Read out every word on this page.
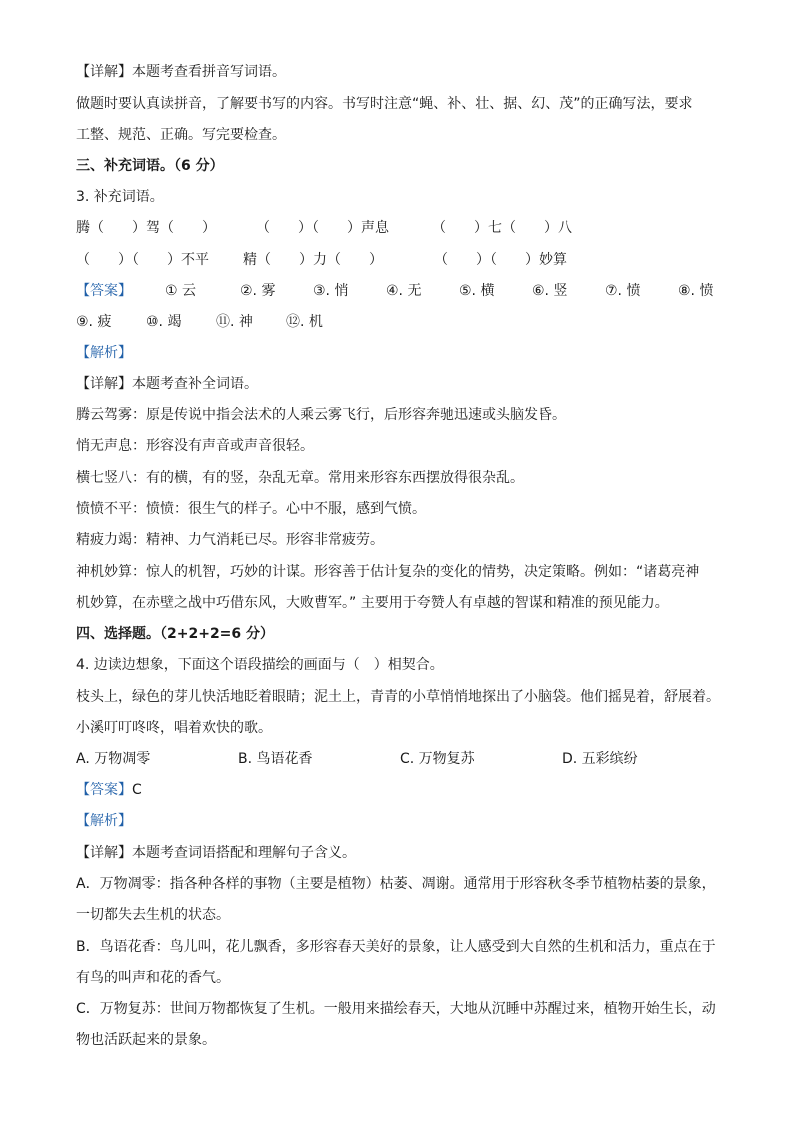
【详解】本题考查看拼音写词语。
做题时要认真读拼音，了解要书写的内容。书写时注意“蝇、补、壮、据、幻、茂”的正确写法，要求
工整、规范、正确。写完要检查。
三、补充词语。（6 分）
3. 补充词语。
腾（　　）驾（　　）	（　　）（　　）声息	（　　）七（　　）八
（　　）（　　）不平 精（　　）力（　　）	（　　）（　　）妙算
【答案】 ① 云	②. 雾	③. 悄	④. 无	⑤. 横	⑥. 竖	⑦. 愤	⑧. 愤
⑨. 疲 ⑩. 竭 ⑪. 神 ⑫. 机
【解析】
【详解】本题考查补全词语。
腾云驾雾：原是传说中指会法术的人乘云雾飞行，后形容奔驰迅速或头脑发昏。
悄无声息：形容没有声音或声音很轻。
横七竖八：有的横，有的竖，杂乱无章。常用来形容东西摆放得很杂乱。
愤愤不平：愤愤：很生气的样子。心中不服，感到气愤。
精疲力竭：精神、力气消耗已尽。形容非常疲劳。
神机妙算：惊人的机智，巧妙的计谋。形容善于估计复杂的变化的情势，决定策略。例如：“诸葛亮神
机妙算，在赤壁之战中巧借东风，大败曹军。” 主要用于夸赞人有卓越的智谋和精准的预见能力。
四、选择题。（2+2+2=6 分）
4. 边读边想象，下面这个语段描绘的画面与（　）相契合。
枝头上，绿色的芽儿快活地眨着眼睛；泥土上，青青的小草悄悄地探出了小脑袋。他们摇晃着，舒展着。
小溪叮叮咚咚，唱着欢快的歌。
A. 万物凋零	B. 鸟语花香	C. 万物复苏	D. 五彩缤纷
【答案】C
【解析】
【详解】本题考查词语搭配和理解句子含义。
A．万物凋零：指各种各样的事物（主要是植物）枯萎、凋谢。通常用于形容秋冬季节植物枯萎的景象，
一切都失去生机的状态。
B．鸟语花香：鸟儿叫，花儿飘香，多形容春天美好的景象，让人感受到大自然的生机和活力，重点在于
有鸟的叫声和花的香气。
C．万物复苏：世间万物都恢复了生机。一般用来描绘春天，大地从沉睡中苏醒过来，植物开始生长，动
物也活跃起来的景象。
